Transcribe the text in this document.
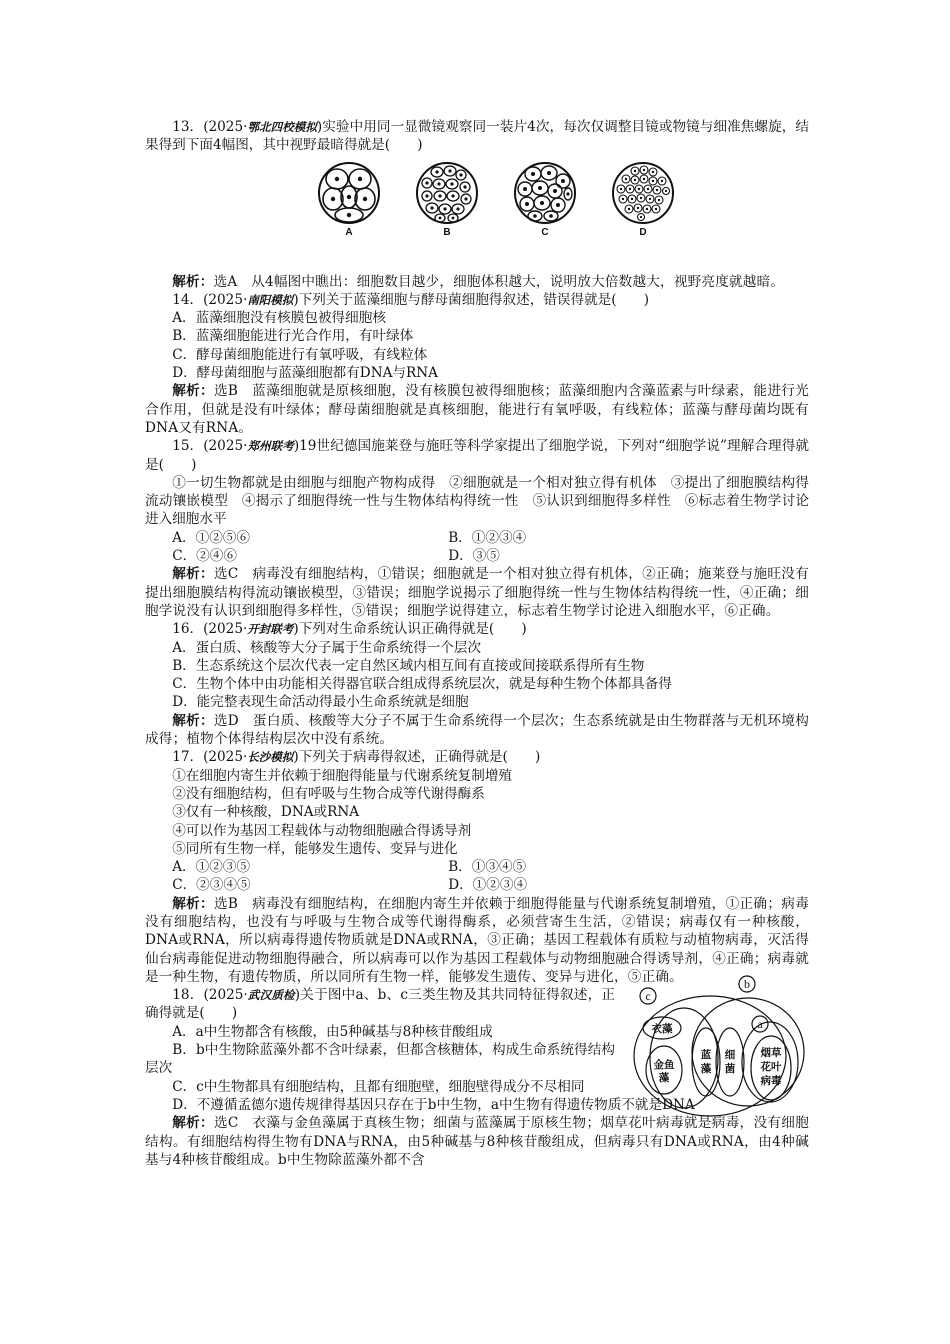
13．(2025·鄂北四校模拟)实验中用同一显微镜观察同一装片4次，每次仅调整目镜或物镜与细准焦螺旋，结果得到下面4幅图，其中视野最暗得就是(　　)

A	B	C	D

解析：选A　从4幅图中瞧出：细胞数目越少，细胞体积越大，说明放大倍数越大，视野亮度就越暗。

14．(2025·南阳模拟)下列关于蓝藻细胞与酵母菌细胞得叙述，错误得就是(　　)

A．蓝藻细胞没有核膜包被得细胞核

B．蓝藻细胞能进行光合作用，有叶绿体

C．酵母菌细胞能进行有氧呼吸，有线粒体

D．酵母菌细胞与蓝藻细胞都有DNA与RNA

解析：选B　蓝藻细胞就是原核细胞，没有核膜包被得细胞核；蓝藻细胞内含藻蓝素与叶绿素，能进行光合作用，但就是没有叶绿体；酵母菌细胞就是真核细胞，能进行有氧呼吸，有线粒体；蓝藻与酵母菌均既有DNA又有RNA。

15．(2025·郑州联考)19世纪德国施莱登与施旺等科学家提出了细胞学说，下列对“细胞学说”理解合理得就是(　　)

①一切生物都就是由细胞与细胞产物构成得　②细胞就是一个相对独立得有机体　③提出了细胞膜结构得流动镶嵌模型　④揭示了细胞得统一性与生物体结构得统一性　⑤认识到细胞得多样性　⑥标志着生物学讨论进入细胞水平

A．①②⑤⑥	B．①②③④
C．②④⑥	D．③⑤

解析：选C　病毒没有细胞结构，①错误；细胞就是一个相对独立得有机体，②正确；施莱登与施旺没有提出细胞膜结构得流动镶嵌模型，③错误；细胞学说揭示了细胞得统一性与生物体结构得统一性，④正确；细胞学说没有认识到细胞得多样性，⑤错误；细胞学说得建立，标志着生物学讨论进入细胞水平，⑥正确。

16．(2025·开封联考)下列对生命系统认识正确得就是(　　)

A．蛋白质、核酸等大分子属于生命系统得一个层次

B．生态系统这个层次代表一定自然区域内相互间有直接或间接联系得所有生物

C．生物个体中由功能相关得器官联合组成得系统层次，就是每种生物个体都具备得

D．能完整表现生命活动得最小生命系统就是细胞

解析：选D　蛋白质、核酸等大分子不属于生命系统得一个层次；生态系统就是由生物群落与无机环境构成得；植物个体得结构层次中没有系统。

17．(2025·长沙模拟)下列关于病毒得叙述，正确得就是(　　)

①在细胞内寄生并依赖于细胞得能量与代谢系统复制增殖

②没有细胞结构，但有呼吸与生物合成等代谢得酶系

③仅有一种核酸，DNA或RNA

④可以作为基因工程载体与动物细胞融合得诱导剂

⑤同所有生物一样，能够发生遗传、变异与进化

A．①②③⑤	B．①③④⑤
C．②③④⑤	D．①②③④

解析：选B　病毒没有细胞结构，在细胞内寄生并依赖于细胞得能量与代谢系统复制增殖，①正确；病毒没有细胞结构，也没有与呼吸与生物合成等代谢得酶系，必须营寄生生活，②错误；病毒仅有一种核酸，DNA或RNA，所以病毒得遗传物质就是DNA或RNA，③正确；基因工程载体有质粒与动植物病毒，灭活得仙台病毒能促进动物细胞得融合，所以病毒可以作为基因工程载体与动物细胞融合得诱导剂，④正确；病毒就是一种生物，有遗传物质，所以同所有生物一样，能够发生遗传、变异与进化，⑤正确。

18．(2025·武汉质检)关于图中a、b、c三类生物及其共同特征得叙述，正确得就是(　　)

A．a中生物都含有核酸，由5种碱基与8种核苷酸组成

B．b中生物除蓝藻外都不含叶绿素，但都含核糖体，构成生命系统得结构层次

C．c中生物都具有细胞结构，且都有细胞壁，细胞壁得成分不尽相同

c
b
a
衣藻
金鱼
藻
蓝
藻
细
菌
烟草
花叶
病毒

D．不遵循孟德尔遗传规律得基因只存在于b中生物，a中生物有得遗传物质不就是DNA

解析：选C　衣藻与金鱼藻属于真核生物；细菌与蓝藻属于原核生物；烟草花叶病毒就是病毒，没有细胞结构。有细胞结构得生物有DNA与RNA，由5种碱基与8种核苷酸组成，但病毒只有DNA或RNA，由4种碱基与4种核苷酸组成。b中生物除蓝藻外都不含
